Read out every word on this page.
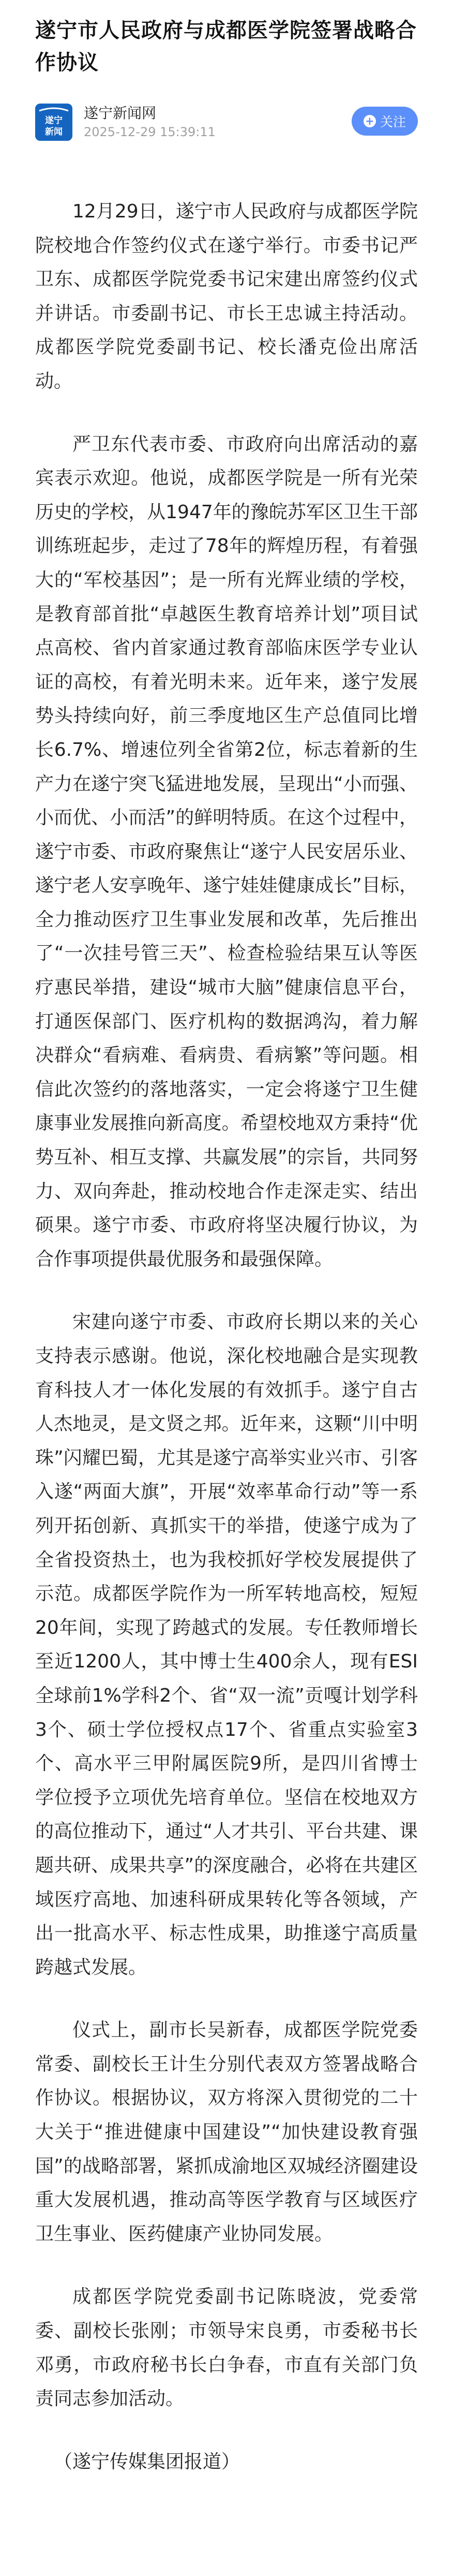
遂宁市人民政府与成都医学院签署战略合作协议
遂宁
新闻
遂宁新闻网
2025-12-29 15:39:11
+ 关注

12月29日，遂宁市人民政府与成都医学院院校地合作签约仪式在遂宁举行。市委书记严卫东、成都医学院党委书记宋建出席签约仪式并讲话。市委副书记、市长王忠诚主持活动。成都医学院党委副书记、校长潘克俭出席活动。

严卫东代表市委、市政府向出席活动的嘉宾表示欢迎。他说，成都医学院是一所有光荣历史的学校，从1947年的豫皖苏军区卫生干部训练班起步，走过了78年的辉煌历程，有着强大的“军校基因”；是一所有光辉业绩的学校，是教育部首批“卓越医生教育培养计划”项目试点高校、省内首家通过教育部临床医学专业认证的高校，有着光明未来。近年来，遂宁发展势头持续向好，前三季度地区生产总值同比增长6.7%、增速位列全省第2位，标志着新的生产力在遂宁突飞猛进地发展，呈现出“小而强、小而优、小而活”的鲜明特质。在这个过程中，遂宁市委、市政府聚焦让“遂宁人民安居乐业、遂宁老人安享晚年、遂宁娃娃健康成长”目标，全力推动医疗卫生事业发展和改革，先后推出了“一次挂号管三天”、检查检验结果互认等医疗惠民举措，建设“城市大脑”健康信息平台，打通医保部门、医疗机构的数据鸿沟，着力解决群众“看病难、看病贵、看病繁”等问题。相信此次签约的落地落实，一定会将遂宁卫生健康事业发展推向新高度。希望校地双方秉持“优势互补、相互支撑、共赢发展”的宗旨，共同努力、双向奔赴，推动校地合作走深走实、结出硕果。遂宁市委、市政府将坚决履行协议，为合作事项提供最优服务和最强保障。

宋建向遂宁市委、市政府长期以来的关心支持表示感谢。他说，深化校地融合是实现教育科技人才一体化发展的有效抓手。遂宁自古人杰地灵，是文贤之邦。近年来，这颗“川中明珠”闪耀巴蜀，尤其是遂宁高举实业兴市、引客入遂“两面大旗”，开展“效率革命行动”等一系列开拓创新、真抓实干的举措，使遂宁成为了全省投资热土，也为我校抓好学校发展提供了示范。成都医学院作为一所军转地高校，短短20年间，实现了跨越式的发展。专任教师增长至近1200人，其中博士生400余人，现有ESI全球前1%学科2个、省“双一流”贡嘎计划学科3个、硕士学位授权点17个、省重点实验室3个、高水平三甲附属医院9所，是四川省博士学位授予立项优先培育单位。坚信在校地双方的高位推动下，通过“人才共引、平台共建、课题共研、成果共享”的深度融合，必将在共建区域医疗高地、加速科研成果转化等各领域，产出一批高水平、标志性成果，助推遂宁高质量跨越式发展。

仪式上，副市长吴新春，成都医学院党委常委、副校长王计生分别代表双方签署战略合作协议。根据协议，双方将深入贯彻党的二十大关于“推进健康中国建设”“加快建设教育强国”的战略部署，紧抓成渝地区双城经济圈建设重大发展机遇，推动高等医学教育与区域医疗卫生事业、医药健康产业协同发展。

成都医学院党委副书记陈晓波，党委常委、副校长张刚；市领导宋良勇，市委秘书长邓勇，市政府秘书长白争春，市直有关部门负责同志参加活动。

（遂宁传媒集团报道）
